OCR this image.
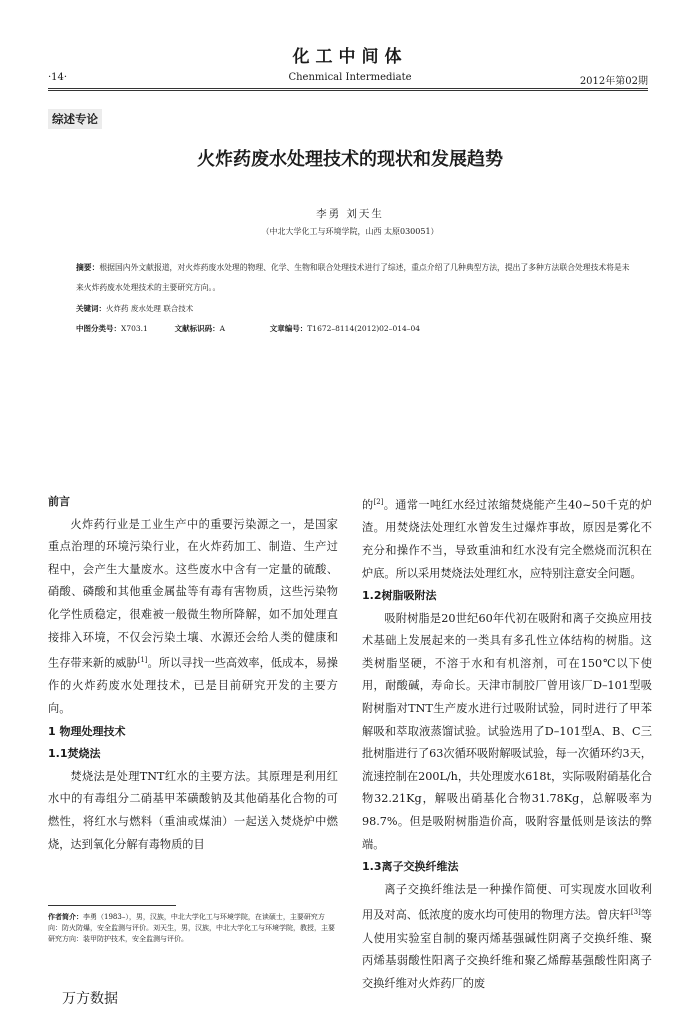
化工中间体
·14·	Chenmical Intermediate	2012年第02期
综述专论
火炸药废水处理技术的现状和发展趋势
李勇 刘天生
（中北大学化工与环境学院，山西 太原030051）
摘要：根据国内外文献报道，对火炸药废水处理的物理、化学、生物和联合处理技术进行了综述，重点介绍了几种典型方法，提出了多种方法联合处理技术将是未来火炸药废水处理技术的主要研究方向。。
关键词：火炸药 废水处理 联合技术
中图分类号：X703.1	文献标识码：A	文章编号：T1672–8114(2012)02–014–04

前言

火炸药行业是工业生产中的重要污染源之一，是国家重点治理的环境污染行业，在火炸药加工、制造、生产过程中，会产生大量废水。这些废水中含有一定量的硫酸、硝酸、磷酸和其他重金属盐等有毒有害物质，这些污染物化学性质稳定，很难被一般微生物所降解，如不加处理直接排入环境，不仅会污染土壤、水源还会给人类的健康和生存带来新的威胁[1]。所以寻找一些高效率，低成本，易操作的火炸药废水处理技术，已是目前研究开发的主要方向。

1 物理处理技术

1.1焚烧法

焚烧法是处理TNT红水的主要方法。其原理是利用红水中的有毒组分二硝基甲苯磺酸钠及其他硝基化合物的可燃性，将红水与燃料（重油或煤油）一起送入焚烧炉中燃烧，达到氧化分解有毒物质的目

的[2]。通常一吨红水经过浓缩焚烧能产生40~50千克的炉渣。用焚烧法处理红水曾发生过爆炸事故，原因是雾化不充分和操作不当，导致重油和红水没有完全燃烧而沉积在炉底。所以采用焚烧法处理红水，应特别注意安全问题。

1.2树脂吸附法

吸附树脂是20世纪60年代初在吸附和离子交换应用技术基础上发展起来的一类具有多孔性立体结构的树脂。这类树脂坚硬，不溶于水和有机溶剂，可在150℃以下使用，耐酸碱，寿命长。天津市制胶厂曾用该厂D–101型吸附树脂对TNT生产废水进行过吸附试验，同时进行了甲苯解吸和萃取液蒸馏试验。试验选用了D–101型A、B、C三批树脂进行了63次循环吸附解吸试验，每一次循环约3天，流速控制在200L/h，共处理废水618t，实际吸附硝基化合物32.21Kg，解吸出硝基化合物31.78Kg，总解吸率为98.7%。但是吸附树脂造价高，吸附容量低则是该法的弊端。

1.3离子交换纤维法

离子交换纤维法是一种操作简便、可实现废水回收利用及对高、低浓度的废水均可使用的物理方法。曾庆轩[3]等人使用实验室自制的聚丙烯基强碱性阴离子交换纤维、聚丙烯基弱酸性阳离子交换纤维和聚乙烯醇基强酸性阳离子交换纤维对火炸药厂的废

作者简介：李勇（1983–），男，汉族，中北大学化工与环境学院，在读硕士，主要研究方向：防火防爆，安全监测与评价。刘天生，男，汉族，中北大学化工与环境学院，教授，主要研究方向：装甲防护技术，安全监测与评价。
万方数据
